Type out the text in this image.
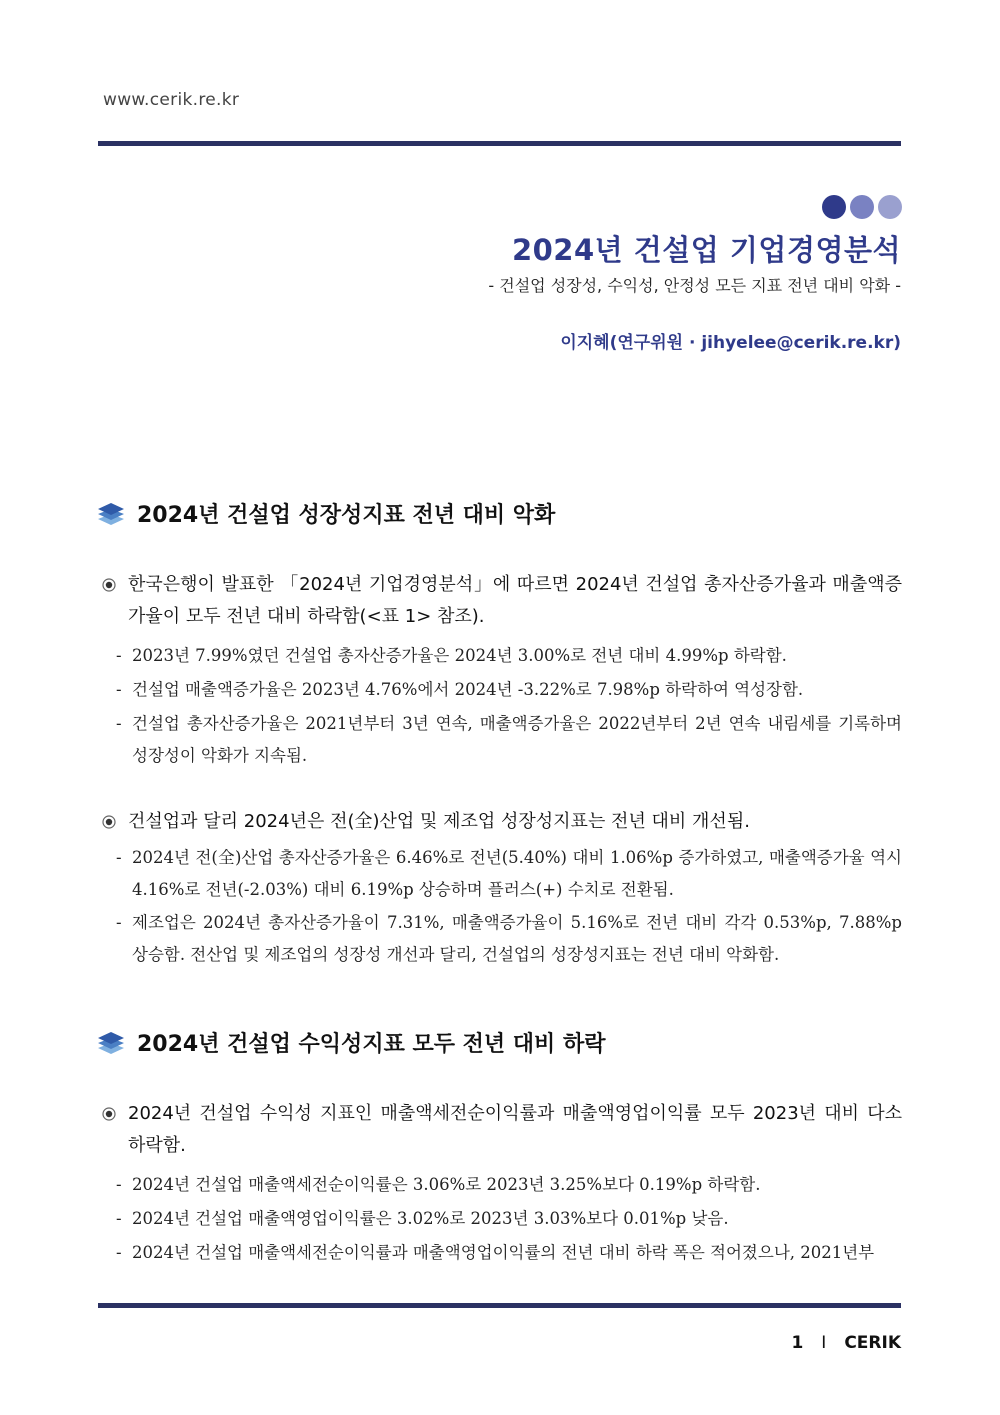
www.cerik.re.kr
2024년 건설업 기업경영분석
- 건설업 성장성, 수익성, 안정성 모든 지표 전년 대비 악화 -
이지혜(연구위원 · jihyelee@cerik.re.kr)
2024년 건설업 성장성지표 전년 대비 악화
한국은행이 발표한 「2024년 기업경영분석」에 따르면 2024년 건설업 총자산증가율과 매출액증가율이 모두 전년 대비 하락함(<표 1> 참조).
- 2023년 7.99%였던 건설업 총자산증가율은 2024년 3.00%로 전년 대비 4.99%p 하락함.
- 건설업 매출액증가율은 2023년 4.76%에서 2024년 -3.22%로 7.98%p 하락하여 역성장함.
- 건설업 총자산증가율은 2021년부터 3년 연속, 매출액증가율은 2022년부터 2년 연속 내림세를 기록하며 성장성이 악화가 지속됨.
건설업과 달리 2024년은 전(全)산업 및 제조업 성장성지표는 전년 대비 개선됨.
- 2024년 전(全)산업 총자산증가율은 6.46%로 전년(5.40%) 대비 1.06%p 증가하였고, 매출액증가율 역시 4.16%로 전년(-2.03%) 대비 6.19%p 상승하며 플러스(+) 수치로 전환됨.
- 제조업은 2024년 총자산증가율이 7.31%, 매출액증가율이 5.16%로 전년 대비 각각 0.53%p, 7.88%p 상승함. 전산업 및 제조업의 성장성 개선과 달리, 건설업의 성장성지표는 전년 대비 악화함.
2024년 건설업 수익성지표 모두 전년 대비 하락
2024년 건설업 수익성 지표인 매출액세전순이익률과 매출액영업이익률 모두 2023년 대비 다소 하락함.
- 2024년 건설업 매출액세전순이익률은 3.06%로 2023년 3.25%보다 0.19%p 하락함.
- 2024년 건설업 매출액영업이익률은 3.02%로 2023년 3.03%보다 0.01%p 낮음.
- 2024년 건설업 매출액세전순이익률과 매출액영업이익률의 전년 대비 하락 폭은 적어졌으나, 2021년부
1 I CERIK
